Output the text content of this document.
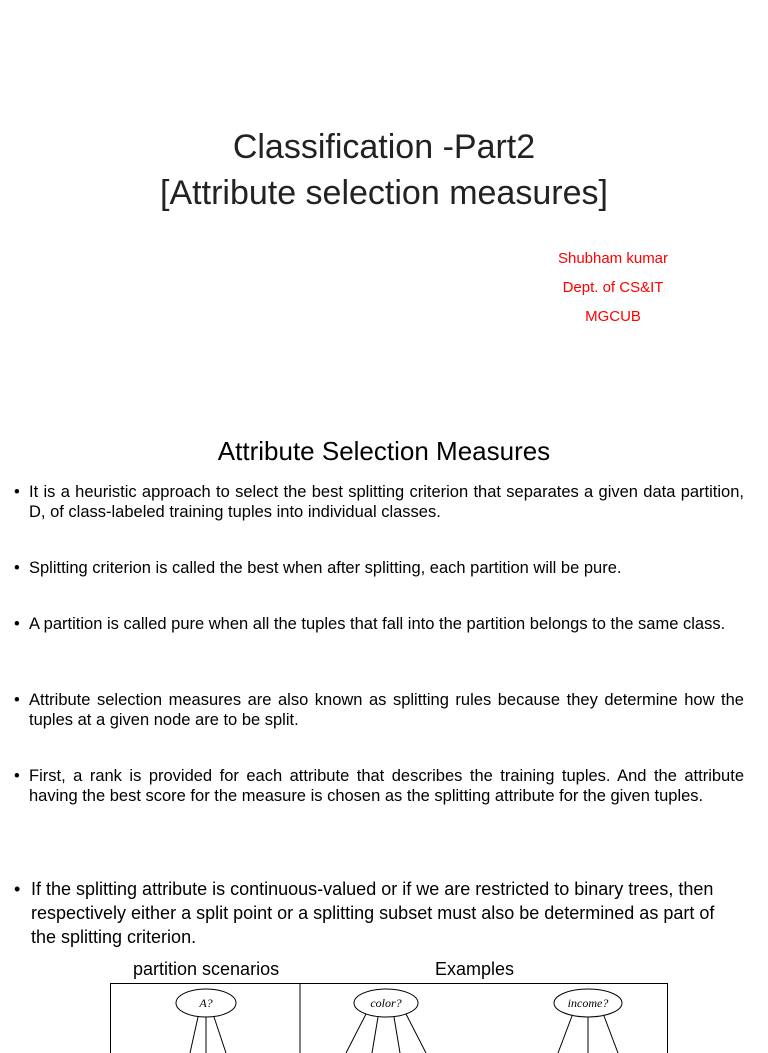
Classification -Part2
[Attribute selection measures]
Shubham kumar
Dept. of CS&IT
MGCUB
Attribute Selection Measures
• It is a heuristic approach to select the best splitting criterion that separates a given data partition, D, of class-labeled training tuples into individual classes.
• Splitting criterion is called the best when after splitting, each partition will be pure.
• A partition is called pure when all the tuples that fall into the partition belongs to the same class.
• Attribute selection measures are also known as splitting rules because they determine how the tuples at a given node are to be split.
• First, a rank is provided for each attribute that describes the training tuples. And the attribute having the best score for the measure is chosen as the splitting attribute for the given tuples.
• If the splitting attribute is continuous-valued or if we are restricted to binary trees, then respectively either a split point or a splitting subset must also be determined as part of the splitting criterion.
partition scenarios	Examples
A?	color?	income?
